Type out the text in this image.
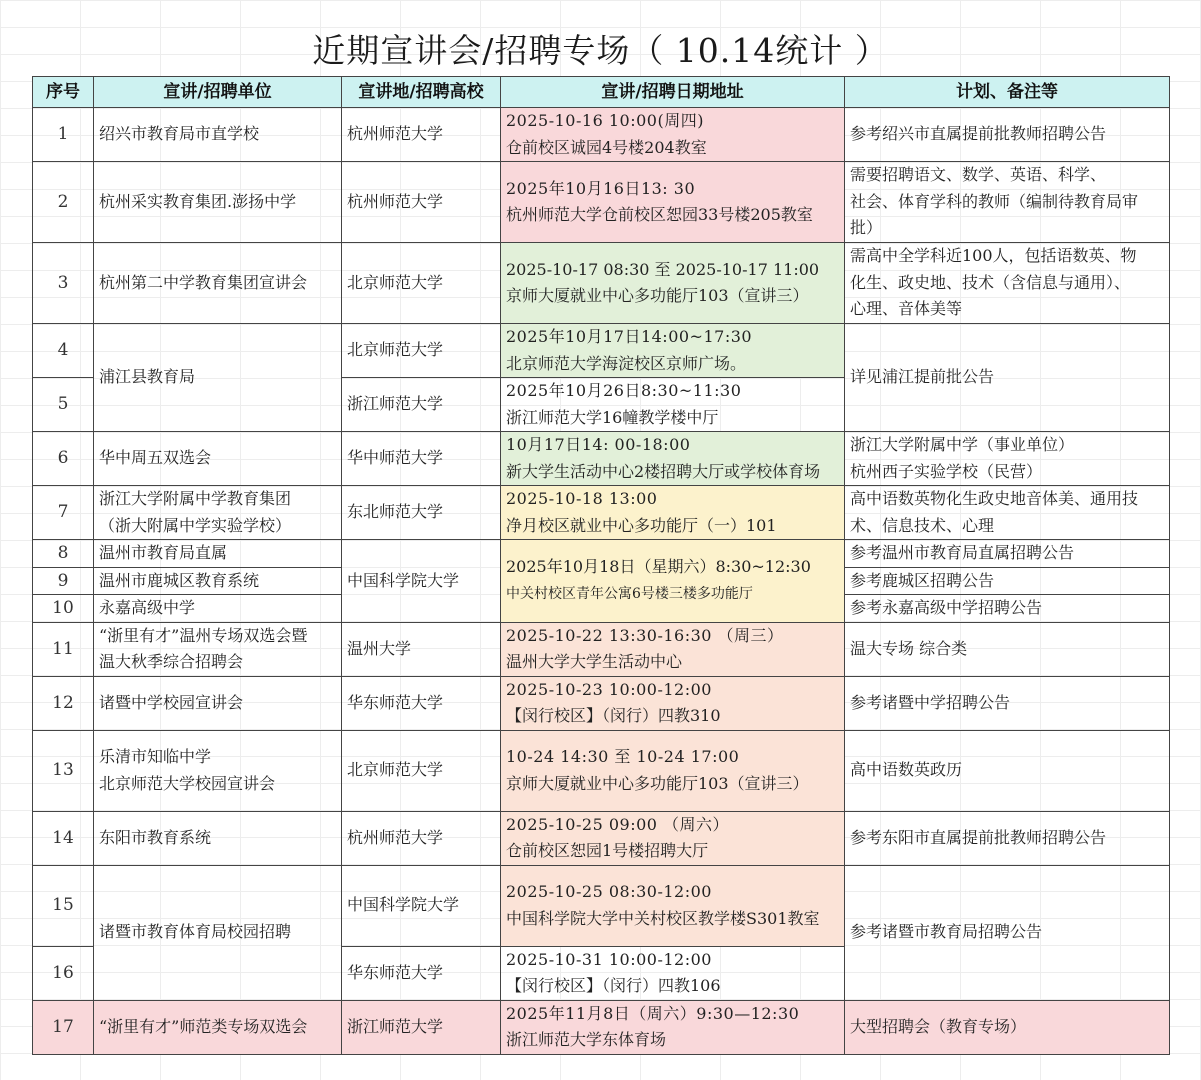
近期宣讲会/招聘专场（ 10.14统计 ）
序号	宣讲/招聘单位	宣讲地/招聘高校	宣讲/招聘日期地址	计划、备注等
1	绍兴市教育局市直学校	杭州师范大学	2025-10-16 10:00(周四)
仓前校区诚园4号楼204教室	参考绍兴市直属提前批教师招聘公告
2	杭州采实教育集团.澎扬中学	杭州师范大学	2025年10月16日13: 30
杭州师范大学仓前校区恕园33号楼205教室	需要招聘语文、数学、英语、科学、
社会、体育学科的教师（编制待教育局审
批）

3	杭州第二中学教育集团宣讲会	北京师范大学	2025-10-17 08:30 至 2025-10-17 11:00
京师大厦就业中心多功能厅103（宣讲三）	需高中全学科近100人，包括语数英、物
化生、政史地、技术（含信息与通用）、
心理、音体美等

4	浦江县教育局	北京师范大学	2025年10月17日14:00~17:30
北京师范大学海淀校区京师广场。	详见浦江提前批公告
5		浙江师范大学	2025年10月26日8:30~11:30
浙江师范大学16幢教学楼中厅	

6	华中周五双选会	华中师范大学	10月17日14: 00-18:00
新大学生活动中心2楼招聘大厅或学校体育场	浙江大学附属中学（事业单位）
杭州西子实验学校（民营）

7	浙江大学附属中学教育集团
（浙大附属中学实验学校）	东北师范大学	2025-10-18 13:00
净月校区就业中心多功能厅（一）101	高中语数英物化生政史地音体美、通用技
术、信息技术、心理

8	温州市教育局直属	中国科学院大学	2025年10月18日（星期六）8:30~12:30
中关村校区青年公寓6号楼三楼多功能厅	参考温州市教育局直属招聘公告
9	温州市鹿城区教育系统			参考鹿城区招聘公告
10	永嘉高级中学			参考永嘉高级中学招聘公告
11	“浙里有才”温州专场双选会暨
温大秋季综合招聘会	温州大学	2025-10-22 13:30-16:30 （周三）
温州大学大学生活动中心	温大专场 综合类
12	诸暨中学校园宣讲会	华东师范大学	2025-10-23 10:00-12:00
【闵行校区】（闵行）四教310	参考诸暨中学招聘公告
13	乐清市知临中学
北京师范大学校园宣讲会	北京师范大学	10-24 14:30 至 10-24 17:00
京师大厦就业中心多功能厅103（宣讲三）	高中语数英政历
14	东阳市教育系统	杭州师范大学	2025-10-25 09:00 （周六）
仓前校区恕园1号楼招聘大厅	参考东阳市直属提前批教师招聘公告
15	诸暨市教育体育局校园招聘	中国科学院大学	2025-10-25 08:30-12:00
中国科学院大学中关村校区教学楼S301教室	参考诸暨市教育局招聘公告
16		华东师范大学	2025-10-31 10:00-12:00
【闵行校区】（闵行）四教106	

17	“浙里有才”师范类专场双选会	浙江师范大学	2025年11月8日（周六）9:30—12:30
浙江师范大学东体育场	大型招聘会（教育专场）
